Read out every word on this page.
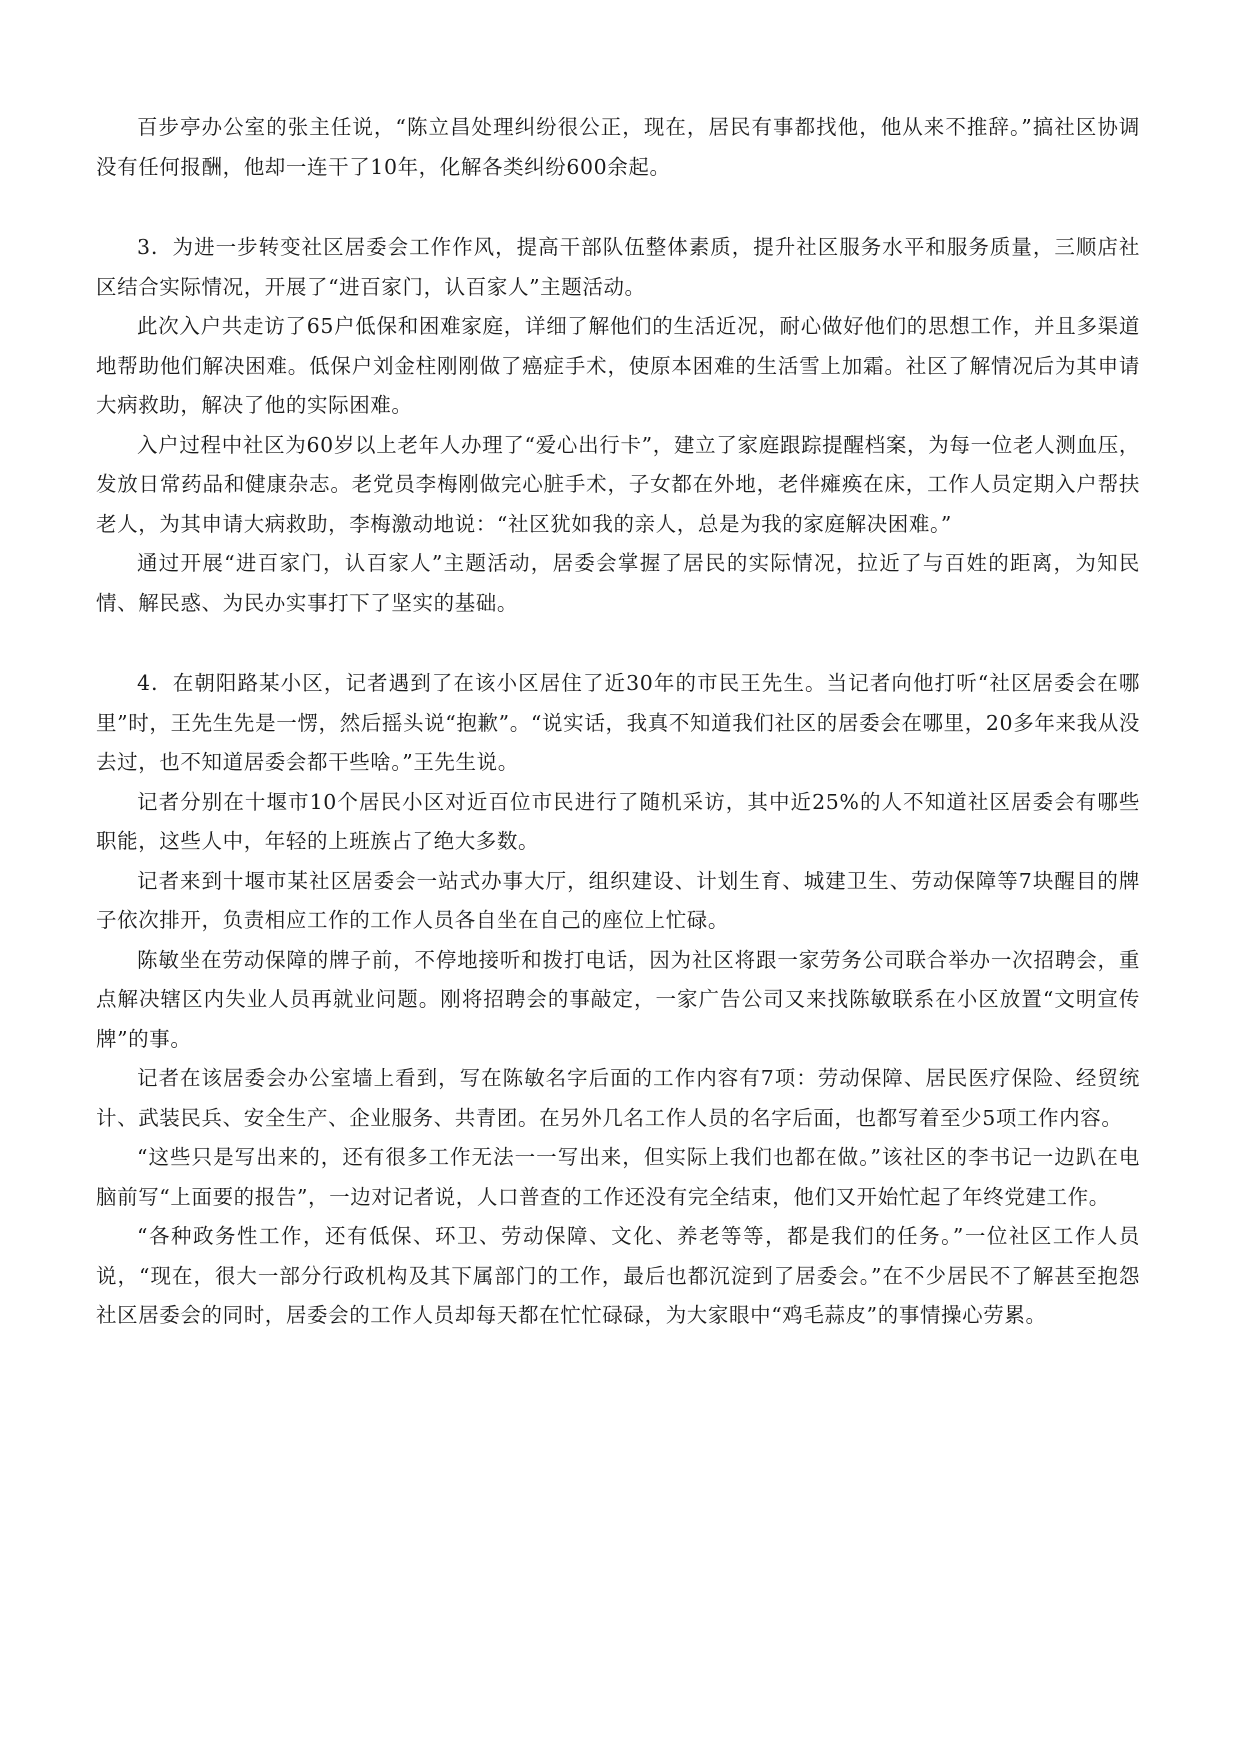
百步亭办公室的张主任说，“陈立昌处理纠纷很公正，现在，居民有事都找他，他从来不推辞。”搞社区协调没有任何报酬，他却一连干了10年，化解各类纠纷600余起。

3．为进一步转变社区居委会工作作风，提高干部队伍整体素质，提升社区服务水平和服务质量，三顺店社区结合实际情况，开展了“进百家门，认百家人”主题活动。

此次入户共走访了65户低保和困难家庭，详细了解他们的生活近况，耐心做好他们的思想工作，并且多渠道地帮助他们解决困难。低保户刘金柱刚刚做了癌症手术，使原本困难的生活雪上加霜。社区了解情况后为其申请大病救助，解决了他的实际困难。

入户过程中社区为60岁以上老年人办理了“爱心出行卡”，建立了家庭跟踪提醒档案，为每一位老人测血压，发放日常药品和健康杂志。老党员李梅刚做完心脏手术，子女都在外地，老伴瘫痪在床，工作人员定期入户帮扶老人，为其申请大病救助，李梅激动地说：“社区犹如我的亲人，总是为我的家庭解决困难。”

通过开展“进百家门，认百家人”主题活动，居委会掌握了居民的实际情况，拉近了与百姓的距离，为知民情、解民惑、为民办实事打下了坚实的基础。

4．在朝阳路某小区，记者遇到了在该小区居住了近30年的市民王先生。当记者向他打听“社区居委会在哪里”时，王先生先是一愣，然后摇头说“抱歉”。“说实话，我真不知道我们社区的居委会在哪里，20多年来我从没去过，也不知道居委会都干些啥。”王先生说。

记者分别在十堰市10个居民小区对近百位市民进行了随机采访，其中近25%的人不知道社区居委会有哪些职能，这些人中，年轻的上班族占了绝大多数。

记者来到十堰市某社区居委会一站式办事大厅，组织建设、计划生育、城建卫生、劳动保障等7块醒目的牌子依次排开，负责相应工作的工作人员各自坐在自己的座位上忙碌。

陈敏坐在劳动保障的牌子前，不停地接听和拨打电话，因为社区将跟一家劳务公司联合举办一次招聘会，重点解决辖区内失业人员再就业问题。刚将招聘会的事敲定，一家广告公司又来找陈敏联系在小区放置“文明宣传牌”的事。

记者在该居委会办公室墙上看到，写在陈敏名字后面的工作内容有7项：劳动保障、居民医疗保险、经贸统计、武装民兵、安全生产、企业服务、共青团。在另外几名工作人员的名字后面，也都写着至少5项工作内容。

“这些只是写出来的，还有很多工作无法一一写出来，但实际上我们也都在做。”该社区的李书记一边趴在电脑前写“上面要的报告”，一边对记者说，人口普查的工作还没有完全结束，他们又开始忙起了年终党建工作。

“各种政务性工作，还有低保、环卫、劳动保障、文化、养老等等，都是我们的任务。”一位社区工作人员说，“现在，很大一部分行政机构及其下属部门的工作，最后也都沉淀到了居委会。”在不少居民不了解甚至抱怨社区居委会的同时，居委会的工作人员却每天都在忙忙碌碌，为大家眼中“鸡毛蒜皮”的事情操心劳累。
